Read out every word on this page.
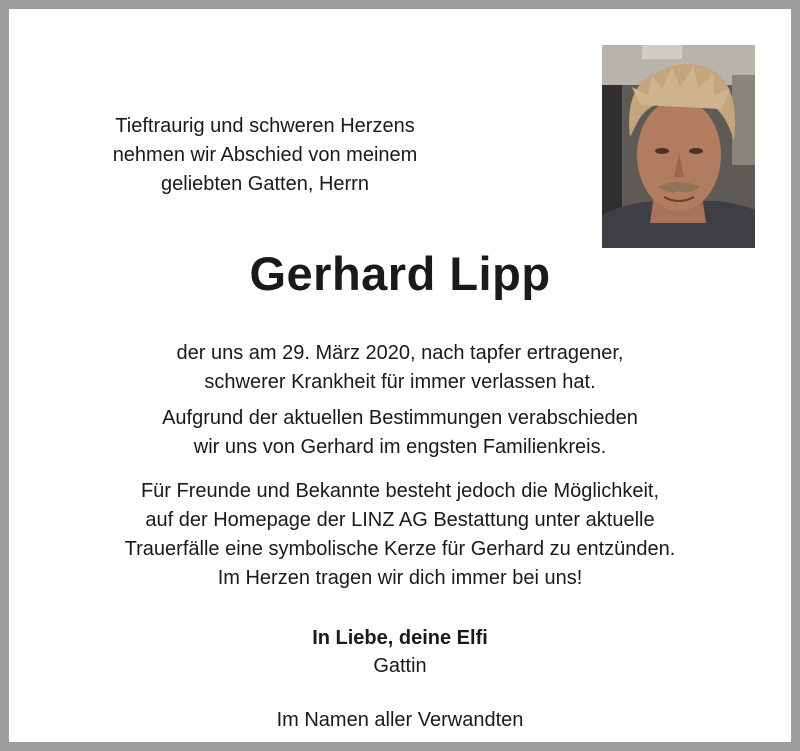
Tieftraurig und schweren Herzens
nehmen wir Abschied von meinem
geliebten Gatten, Herrn
Gerhard Lipp
der uns am 29. März 2020, nach tapfer ertragener,
schwerer Krankheit für immer verlassen hat.
Aufgrund der aktuellen Bestimmungen verabschieden
wir uns von Gerhard im engsten Familienkreis.
Für Freunde und Bekannte besteht jedoch die Möglichkeit,
auf der Homepage der LINZ AG Bestattung unter aktuelle
Trauerfälle eine symbolische Kerze für Gerhard zu entzünden.
Im Herzen tragen wir dich immer bei uns!
In Liebe, deine Elfi
Gattin
Im Namen aller Verwandten
